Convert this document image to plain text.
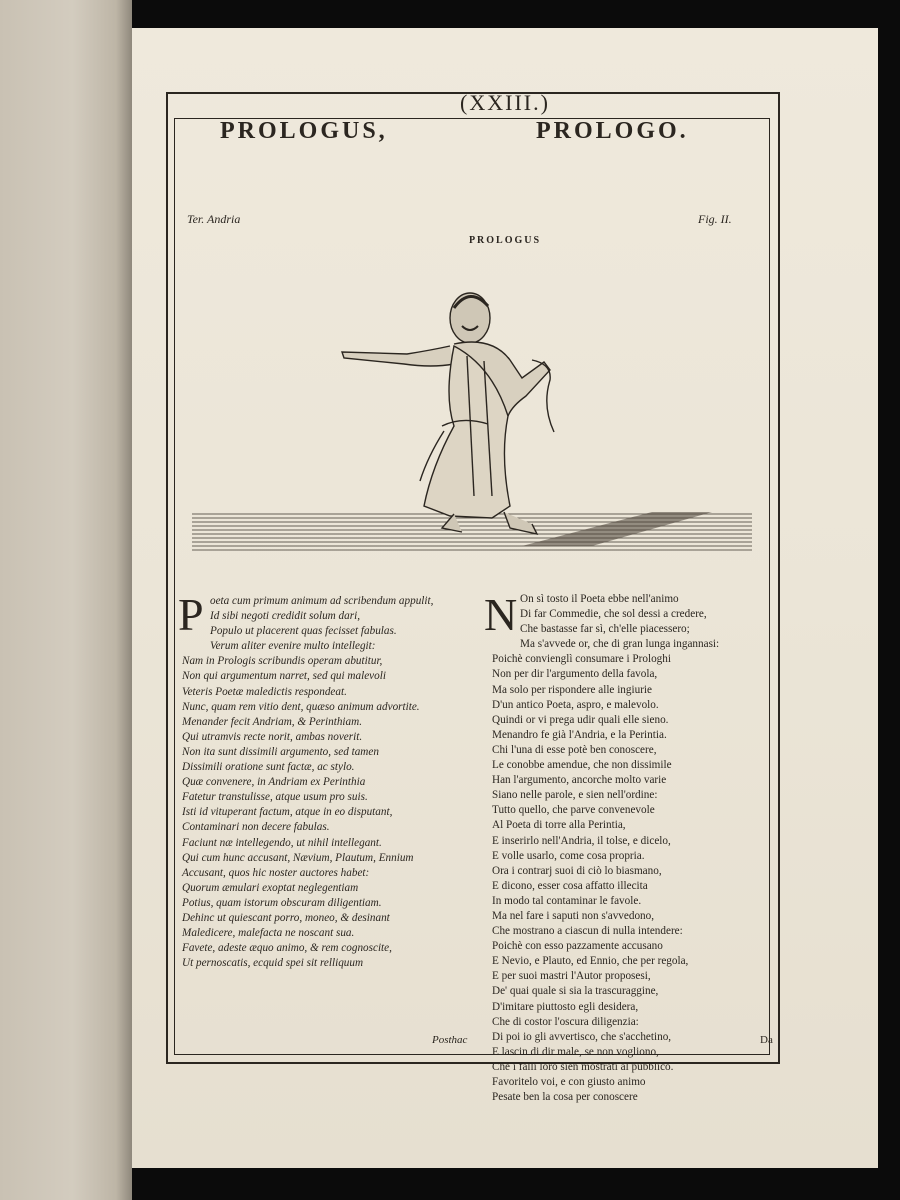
(XXIII.)
PROLOGUS,	PROLOGO.
Ter. Andria	Fig. II.
PROLOGUS
P oeta cum primum animum ad scribendum appulit,
Id sibi negoti credidit solum dari,
Populo ut placerent quas fecisset fabulas.
Verum aliter evenire multo intellegit:
Nam in Prologis scribundis operam abutitur,
Non qui argumentum narret, sed qui malevoli
Veteris Poetæ maledictis respondeat.
Nunc, quam rem vitio dent, quæso animum advortite.
Menander fecit Andriam, & Perinthiam.
Qui utramvis recte norit, ambas noverit.
Non ita sunt dissimili argumento, sed tamen
Dissimili oratione sunt factæ, ac stylo.
Quæ convenere, in Andriam ex Perinthia
Fatetur transtulisse, atque usum pro suis.
Isti id vituperant factum, atque in eo disputant,
Contaminari non decere fabulas.
Faciunt næ intellegendo, ut nihil intellegant.
Qui cum hunc accusant, Nævium, Plautum, Ennium
Accusant, quos hic noster auctores habet:
Quorum æmulari exoptat neglegentiam
Potius, quam istorum obscuram diligentiam.
Dehinc ut quiescant porro, moneo, & desinant
Maledicere, malefacta ne noscant sua.
Favete, adeste æquo animo, & rem cognoscite,
Ut pernoscatis, ecquid spei sit relliquum
N On sì tosto il Poeta ebbe nell'animo
Di far Commedie, che sol dessi a credere,
Che bastasse far sì, ch'elle piacessero;
Ma s'avvede or, che di gran lunga ingannasi:
Poichè convienglì consumare i Prologhi
Non per dir l'argumento della favola,
Ma solo per rispondere alle ingiurie
D'un antico Poeta, aspro, e malevolo.
Quindi or vi prega udir quali elle sieno.
Menandro fe già l'Andria, e la Perintia.
Chi l'una di esse potè ben conoscere,
Le conobbe amendue, che non dissimile
Han l'argumento, ancorche molto varie
Siano nelle parole, e sien nell'ordine:
Tutto quello, che parve convenevole
Al Poeta di torre alla Perintia,
E inserirlo nell'Andria, il tolse, e dicelo,
E volle usarlo, come cosa propria.
Ora i contrarj suoi di ciò lo biasmano,
E dicono, esser cosa affatto illecita
In modo tal contaminar le favole.
Ma nel fare i saputi non s'avvedono,
Che mostrano a ciascun di nulla intendere:
Poichè con esso pazzamente accusano
E Nevio, e Plauto, ed Ennio, che per regola,
E per suoi mastri l'Autor proposesi,
De' quai quale si sia la trascuraggine,
D'imitare piuttosto egli desidera,
Che di costor l'oscura diligenzia:
Di poi io gli avvertisco, che s'acchetino,
E lascin di dir male, se non vogliono,
Che i falli loro sien mostrati al pubblico.
Favoritelo voi, e con giusto animo
Pesate ben la cosa per conoscere
Posthac	Da
